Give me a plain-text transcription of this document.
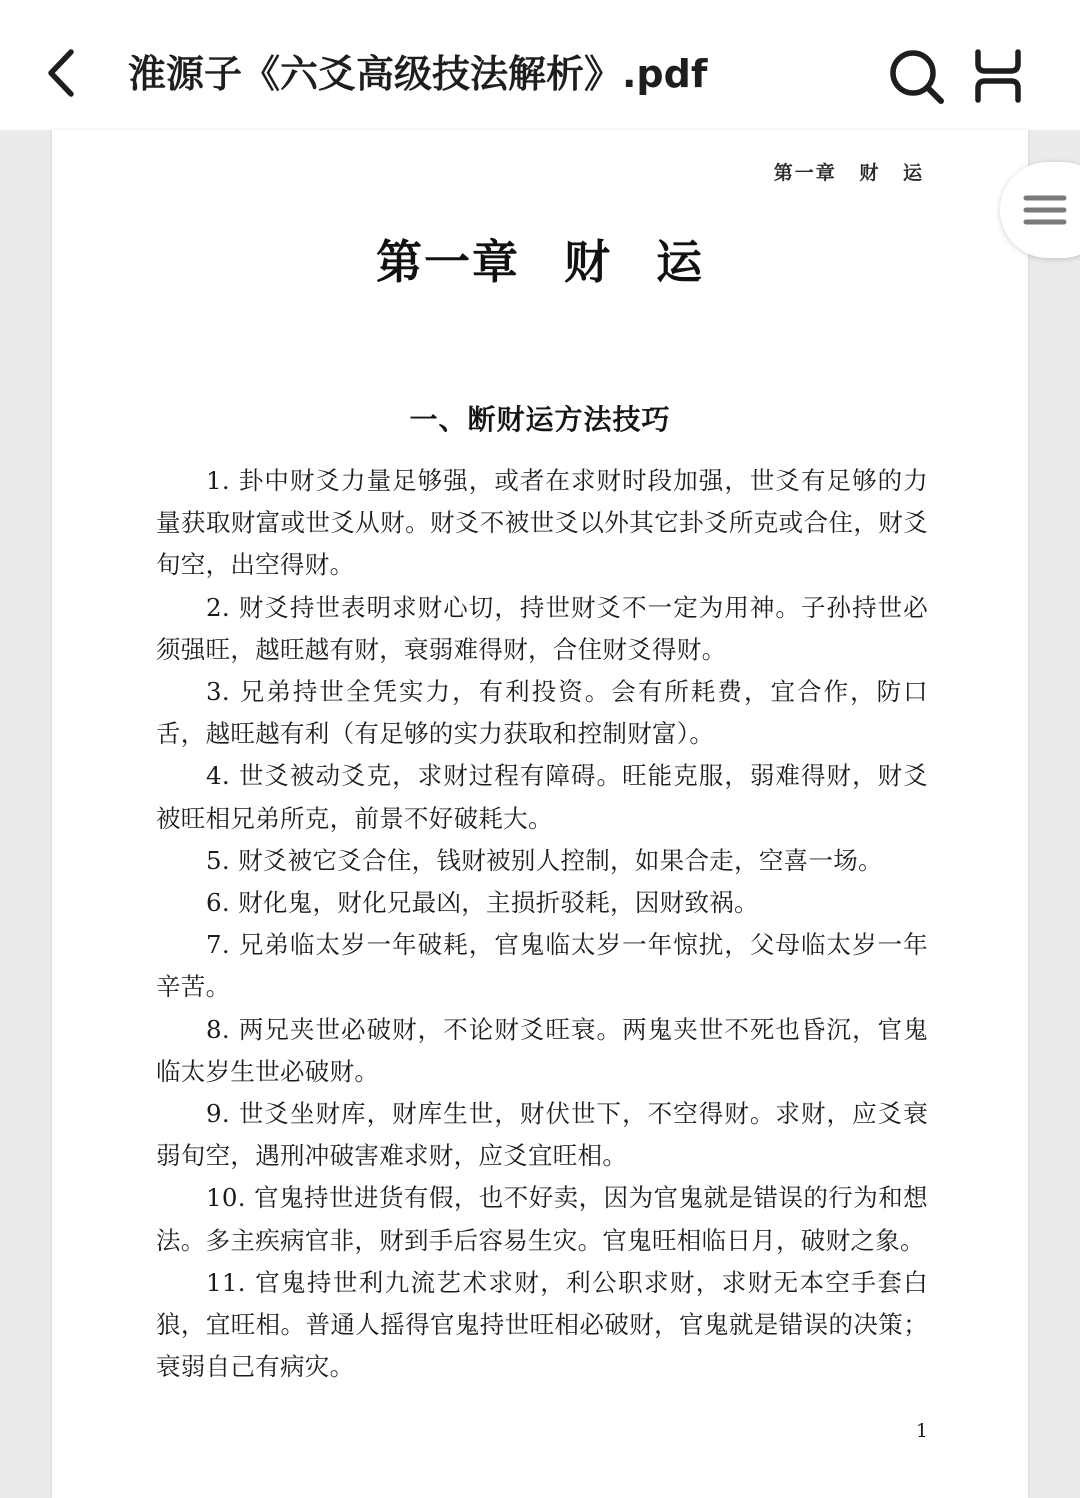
淮源子《六爻高级技法解析》.pdf
第一章 财 运
第一章 财 运
一、断财运方法技巧

1. 卦中财爻力量足够强，或者在求财时段加强，世爻有足够的力量获取财富或世爻从财。财爻不被世爻以外其它卦爻所克或合住，财爻旬空，出空得财。

2. 财爻持世表明求财心切，持世财爻不一定为用神。子孙持世必须强旺，越旺越有财，衰弱难得财，合住财爻得财。

3. 兄弟持世全凭实力，有利投资。会有所耗费，宜合作，防口舌，越旺越有利（有足够的实力获取和控制财富）。

4. 世爻被动爻克，求财过程有障碍。旺能克服，弱难得财，财爻被旺相兄弟所克，前景不好破耗大。

5. 财爻被它爻合住，钱财被别人控制，如果合走，空喜一场。

6. 财化鬼，财化兄最凶，主损折驳耗，因财致祸。

7. 兄弟临太岁一年破耗，官鬼临太岁一年惊扰，父母临太岁一年辛苦。

8. 两兄夹世必破财，不论财爻旺衰。两鬼夹世不死也昏沉，官鬼临太岁生世必破财。

9. 世爻坐财库，财库生世，财伏世下，不空得财。求财，应爻衰弱旬空，遇刑冲破害难求财，应爻宜旺相。

10. 官鬼持世进货有假，也不好卖，因为官鬼就是错误的行为和想法。多主疾病官非，财到手后容易生灾。官鬼旺相临日月，破财之象。

11. 官鬼持世利九流艺术求财，利公职求财，求财无本空手套白狼，宜旺相。普通人摇得官鬼持世旺相必破财，官鬼就是错误的决策；衰弱自己有病灾。

1
